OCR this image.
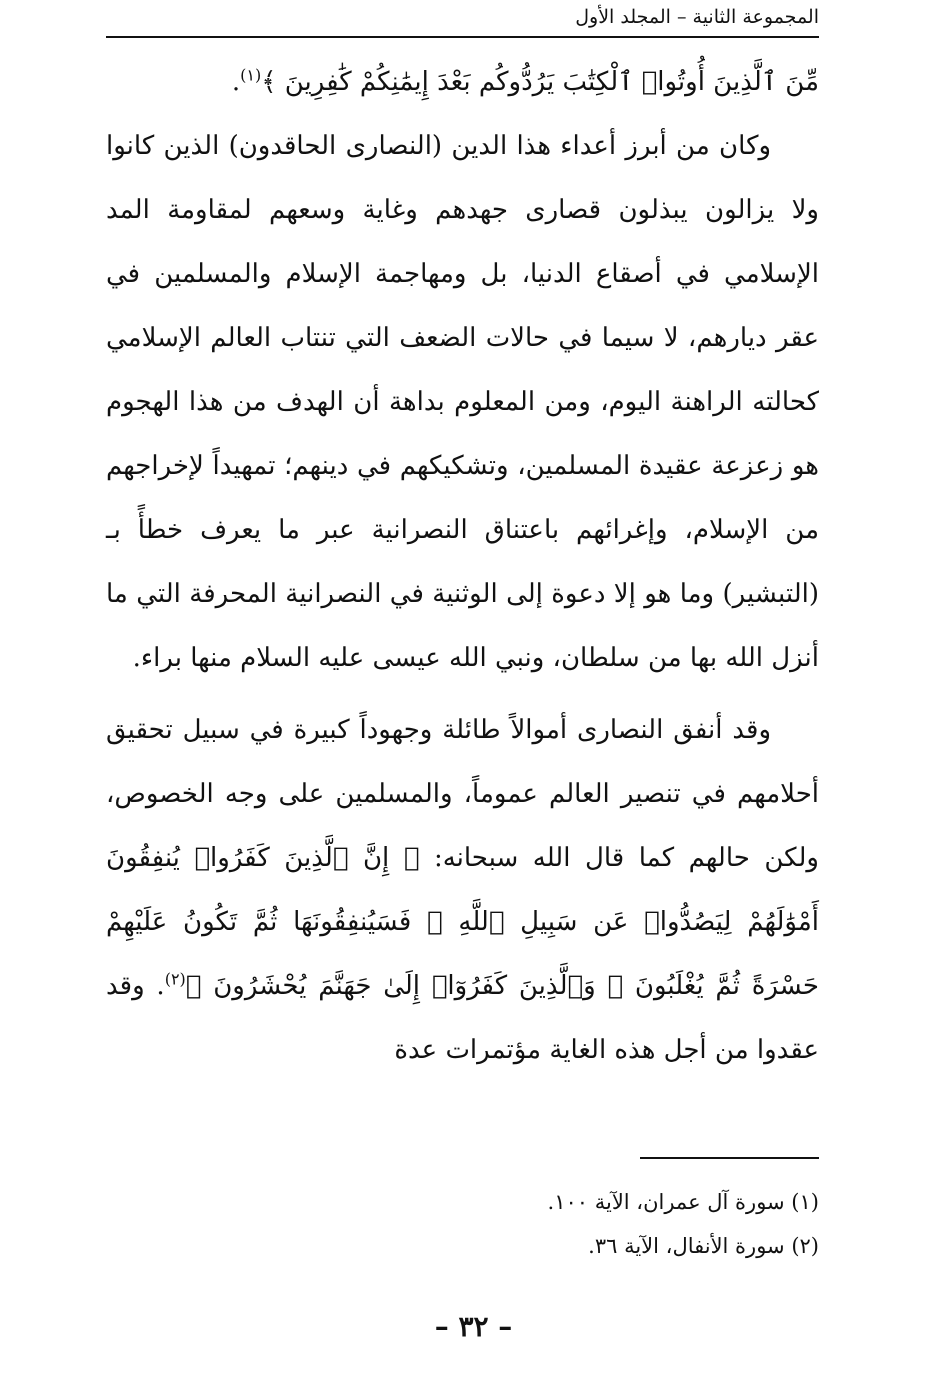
المجموعة الثانية – المجلد الأول

مِّنَ ٱلَّذِينَ أُوتُوا۟ ٱلْكِتَٰبَ يَرُدُّوكُم بَعْدَ إِيمَٰنِكُمْ كَٰفِرِينَ ﴾$^{(١)}$.

وكان من أبرز أعداء هذا الدين (النصارى الحاقدون) الذين كانوا ولا يزالون يبذلون قصارى جهدهم وغاية وسعهم لمقاومة المد الإسلامي في أصقاع الدنيا، بل ومهاجمة الإسلام والمسلمين في عقر ديارهم، لا سيما في حالات الضعف التي تنتاب العالم الإسلامي كحالته الراهنة اليوم، ومن المعلوم بداهة أن الهدف من هذا الهجوم هو زعزعة عقيدة المسلمين، وتشكيكهم في دينهم؛ تمهيداً لإخراجهم من الإسلام، وإغرائهم باعتناق النصرانية عبر ما يعرف خطأً بـ (التبشير) وما هو إلا دعوة إلى الوثنية في النصرانية المحرفة التي ما أنزل الله بها من سلطان، ونبي الله عيسى عليه السلام منها براء.

وقد أنفق النصارى أموالاً طائلة وجهوداً كبيرة في سبيل تحقيق أحلامهم في تنصير العالم عموماً، والمسلمين على وجه الخصوص، ولكن حالهم كما قال الله سبحانه: ﴿ إِنَّ ٱلَّذِينَ كَفَرُوا۟ يُنفِقُونَ أَمْوَٰلَهُمْ لِيَصُدُّوا۟ عَن سَبِيلِ ٱللَّهِ ۚ فَسَيُنفِقُونَهَا ثُمَّ تَكُونُ عَلَيْهِمْ حَسْرَةً ثُمَّ يُغْلَبُونَ ۗ وَٱلَّذِينَ كَفَرُوٓا۟ إِلَىٰ جَهَنَّمَ يُحْشَرُونَ ﴾$^{(٢)}$. وقد عقدوا من أجل هذه الغاية مؤتمرات عدة

(١) سورة آل عمران، الآية ١٠٠.

(٢) سورة الأنفال، الآية ٣٦.

– ٣٢ –
